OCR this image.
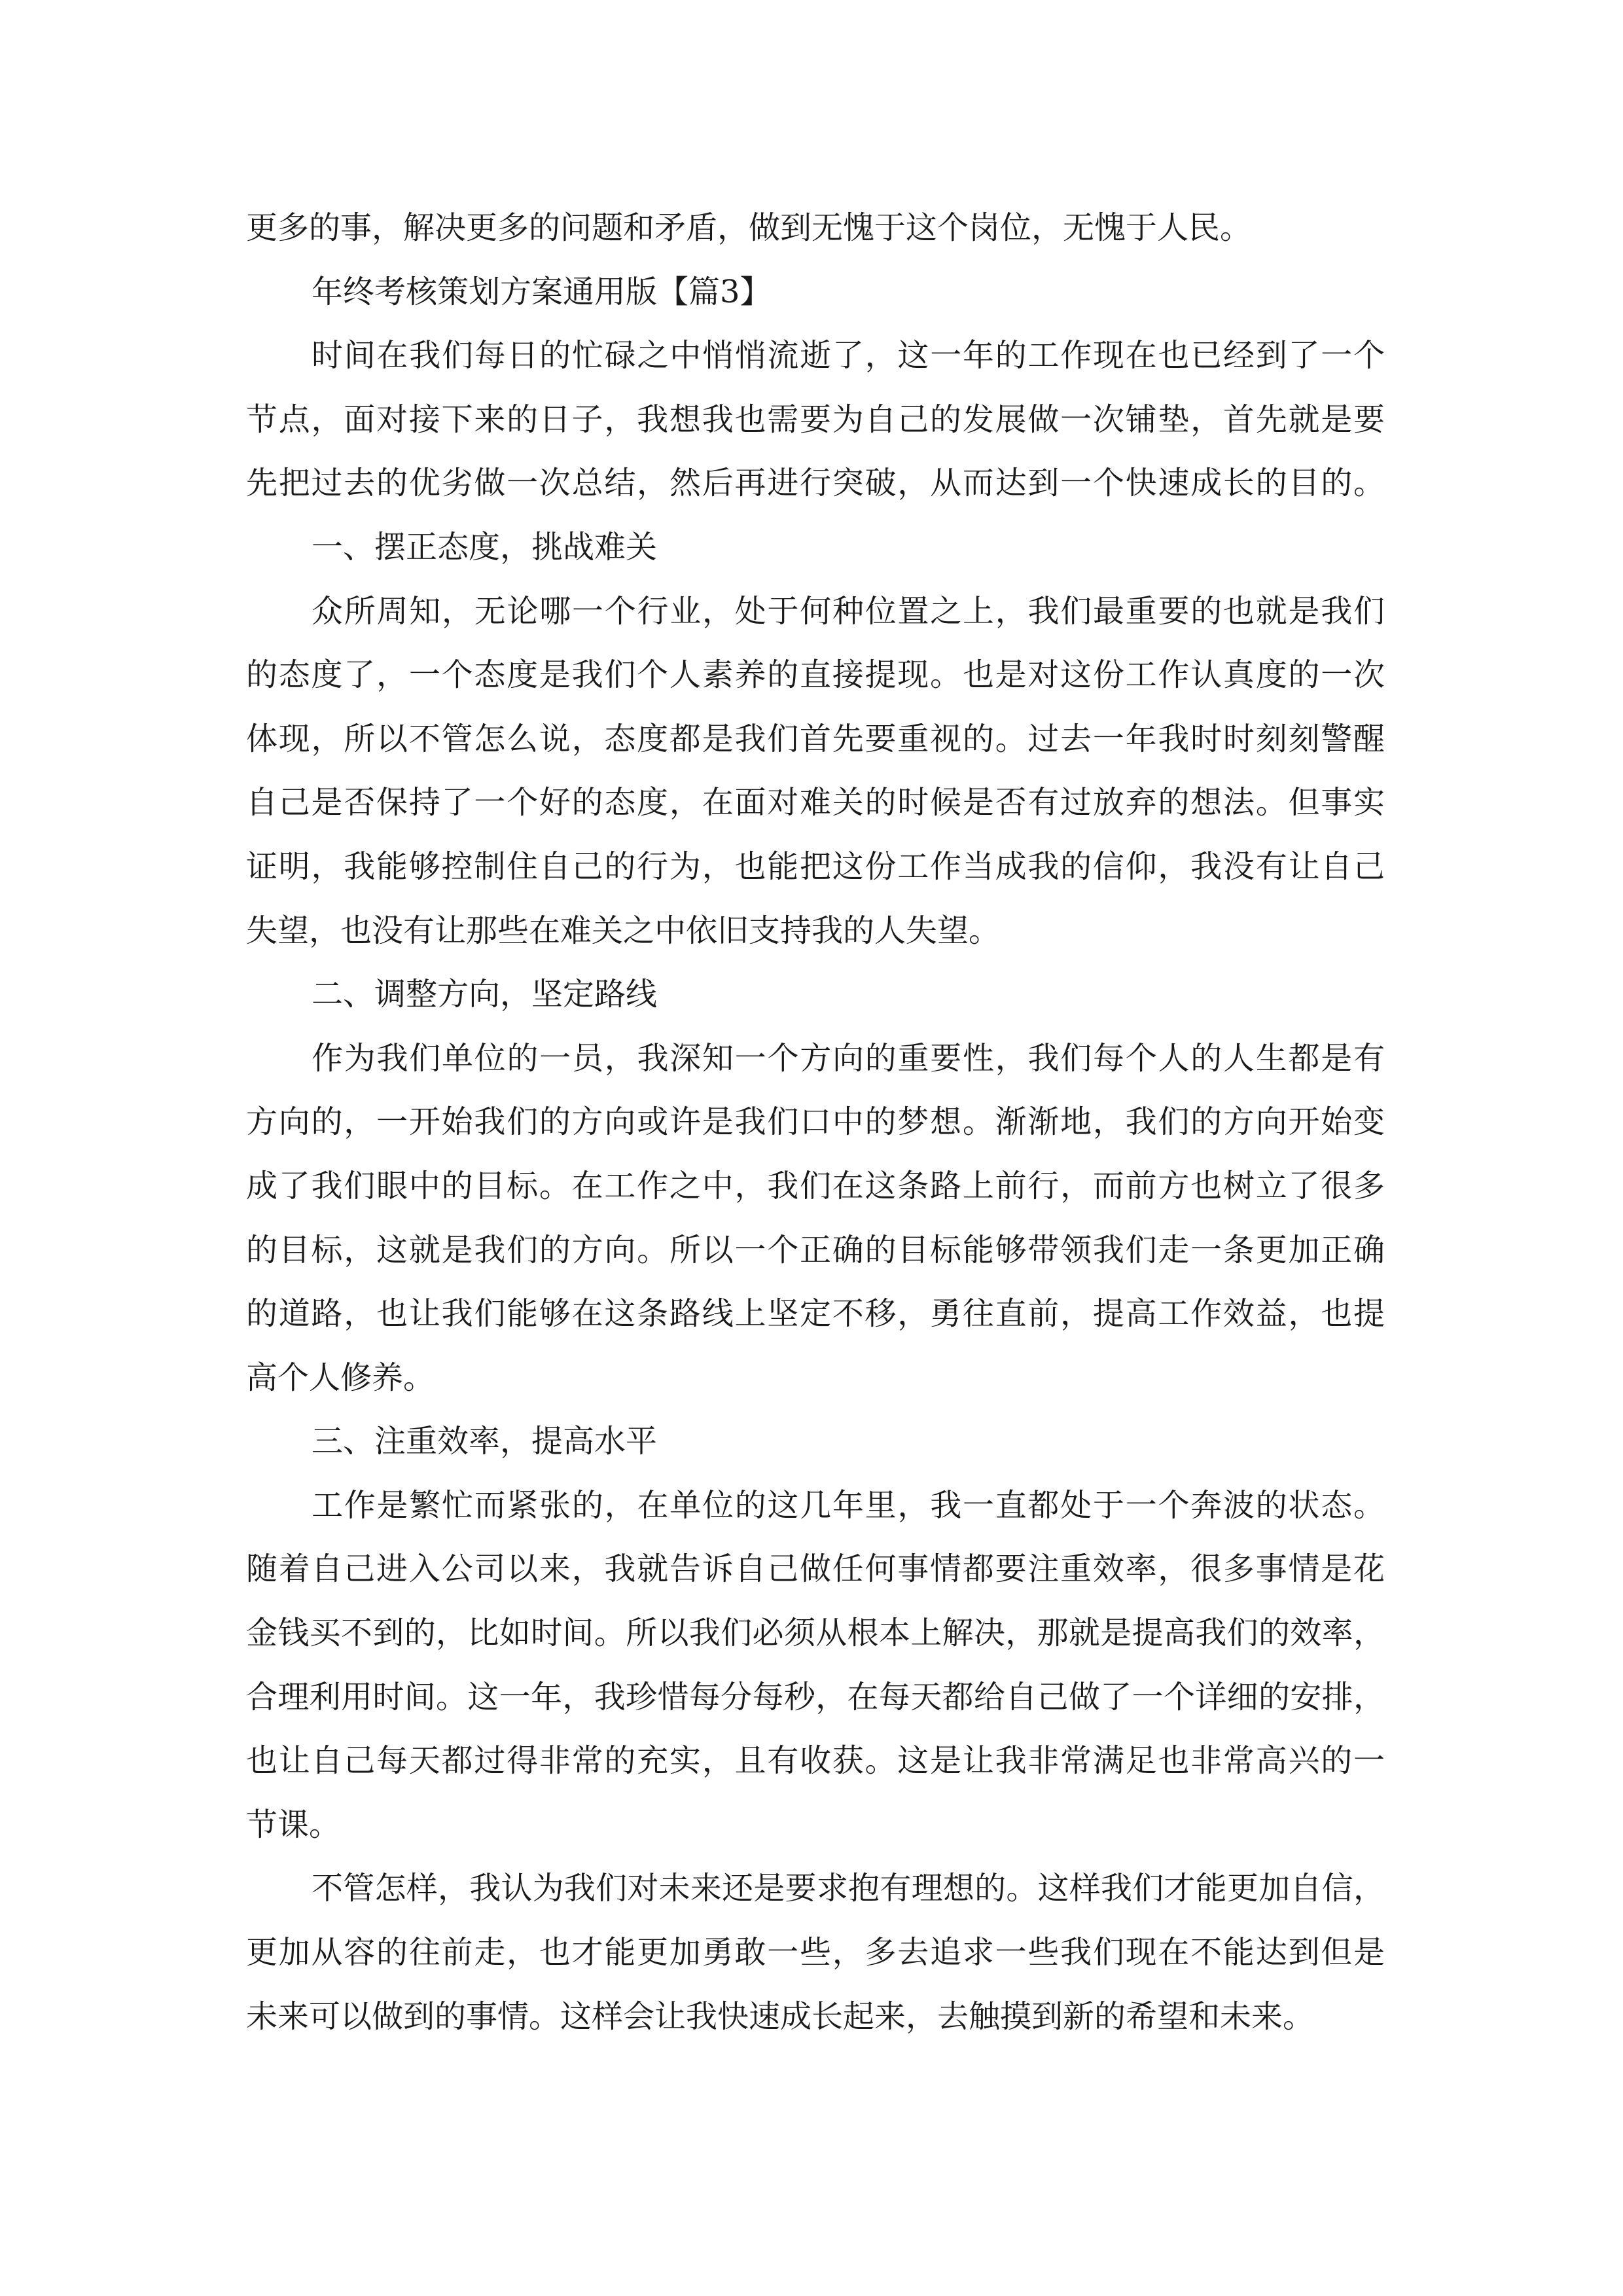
更多的事，解决更多的问题和矛盾，做到无愧于这个岗位，无愧于人民。

年终考核策划方案通用版【篇3】

时间在我们每日的忙碌之中悄悄流逝了，这一年的工作现在也已经到了一个

节点，面对接下来的日子，我想我也需要为自己的发展做一次铺垫，首先就是要

先把过去的优劣做一次总结，然后再进行突破，从而达到一个快速成长的目的。

一、摆正态度，挑战难关

众所周知，无论哪一个行业，处于何种位置之上，我们最重要的也就是我们

的态度了，一个态度是我们个人素养的直接提现。也是对这份工作认真度的一次

体现，所以不管怎么说，态度都是我们首先要重视的。过去一年我时时刻刻警醒

自己是否保持了一个好的态度，在面对难关的时候是否有过放弃的想法。但事实

证明，我能够控制住自己的行为，也能把这份工作当成我的信仰，我没有让自己

失望，也没有让那些在难关之中依旧支持我的人失望。

二、调整方向，坚定路线

作为我们单位的一员，我深知一个方向的重要性，我们每个人的人生都是有

方向的，一开始我们的方向或许是我们口中的梦想。渐渐地，我们的方向开始变

成了我们眼中的目标。在工作之中，我们在这条路上前行，而前方也树立了很多

的目标，这就是我们的方向。所以一个正确的目标能够带领我们走一条更加正确

的道路，也让我们能够在这条路线上坚定不移，勇往直前，提高工作效益，也提

高个人修养。

三、注重效率，提高水平

工作是繁忙而紧张的，在单位的这几年里，我一直都处于一个奔波的状态。

随着自己进入公司以来，我就告诉自己做任何事情都要注重效率，很多事情是花

金钱买不到的，比如时间。所以我们必须从根本上解决，那就是提高我们的效率，

合理利用时间。这一年，我珍惜每分每秒，在每天都给自己做了一个详细的安排，

也让自己每天都过得非常的充实，且有收获。这是让我非常满足也非常高兴的一

节课。

不管怎样，我认为我们对未来还是要求抱有理想的。这样我们才能更加自信，

更加从容的往前走，也才能更加勇敢一些，多去追求一些我们现在不能达到但是

未来可以做到的事情。这样会让我快速成长起来，去触摸到新的希望和未来。
